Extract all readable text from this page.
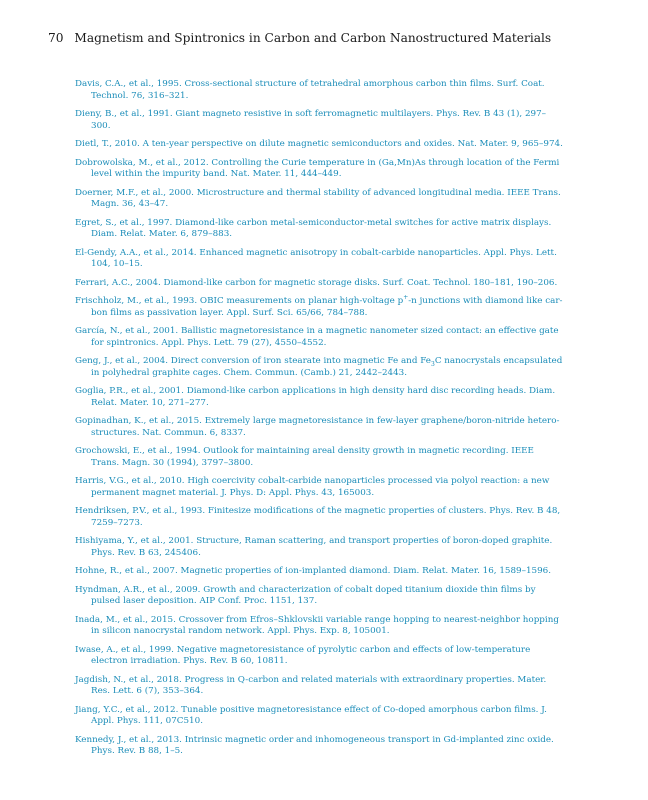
70 Magnetism and Spintronics in Carbon and Carbon Nanostructured Materials
Davis, C.A., et al., 1995. Cross-sectional structure of tetrahedral amorphous carbon thin films. Surf. Coat. Technol. 76, 316–321.
Dieny, B., et al., 1991. Giant magneto resistive in soft ferromagnetic multilayers. Phys. Rev. B 43 (1), 297–300.
Dietl, T., 2010. A ten-year perspective on dilute magnetic semiconductors and oxides. Nat. Mater. 9, 965–974.
Dobrowolska, M., et al., 2012. Controlling the Curie temperature in (Ga,Mn)As through location of the Fermi level within the impurity band. Nat. Mater. 11, 444–449.
Doerner, M.F., et al., 2000. Microstructure and thermal stability of advanced longitudinal media. IEEE Trans. Magn. 36, 43–47.
Egret, S., et al., 1997. Diamond-like carbon metal-semiconductor-metal switches for active matrix displays. Diam. Relat. Mater. 6, 879–883.
El-Gendy, A.A., et al., 2014. Enhanced magnetic anisotropy in cobalt-carbide nanoparticles. Appl. Phys. Lett. 104, 10–15.
Ferrari, A.C., 2004. Diamond-like carbon for magnetic storage disks. Surf. Coat. Technol. 180–181, 190–206.
Frischholz, M., et al., 1993. OBIC measurements on planar high-voltage p+-n junctions with diamond like car-bon films as passivation layer. Appl. Surf. Sci. 65/66, 784–788.
García, N., et al., 2001. Ballistic magnetoresistance in a magnetic nanometer sized contact: an effective gate for spintronics. Appl. Phys. Lett. 79 (27), 4550–4552.
Geng, J., et al., 2004. Direct conversion of iron stearate into magnetic Fe and $Fe_3C$ nanocrystals encapsulated in polyhedral graphite cages. Chem. Commun. (Camb.) 21, 2442–2443.
Goglia, P.R., et al., 2001. Diamond-like carbon applications in high density hard disc recording heads. Diam. Relat. Mater. 10, 271–277.
Gopinadhan, K., et al., 2015. Extremely large magnetoresistance in few-layer graphene/boron-nitride hetero-structures. Nat. Commun. 6, 8337.
Grochowski, E., et al., 1994. Outlook for maintaining areal density growth in magnetic recording. IEEE Trans. Magn. 30 (1994), 3797–3800.
Harris, V.G., et al., 2010. High coercivity cobalt-carbide nanoparticles processed via polyol reaction: a new permanent magnet material. J. Phys. D: Appl. Phys. 43, 165003.
Hendriksen, P.V., et al., 1993. Finitesize modifications of the magnetic properties of clusters. Phys. Rev. B 48, 7259–7273.
Hishiyama, Y., et al., 2001. Structure, Raman scattering, and transport properties of boron-doped graphite. Phys. Rev. B 63, 245406.
Hohne, R., et al., 2007. Magnetic properties of ion-implanted diamond. Diam. Relat. Mater. 16, 1589–1596.
Hyndman, A.R., et al., 2009. Growth and characterization of cobalt doped titanium dioxide thin films by pulsed laser deposition. AIP Conf. Proc. 1151, 137.
Inada, M., et al., 2015. Crossover from Efros–Shklovskii variable range hopping to nearest-neighbor hopping in silicon nanocrystal random network. Appl. Phys. Exp. 8, 105001.
Iwase, A., et al., 1999. Negative magnetoresistance of pyrolytic carbon and effects of low-temperature electron irradiation. Phys. Rev. B 60, 10811.
Jagdish, N., et al., 2018. Progress in Q-carbon and related materials with extraordinary properties. Mater. Res. Lett. 6 (7), 353–364.
Jiang, Y.C., et al., 2012. Tunable positive magnetoresistance effect of Co-doped amorphous carbon films. J. Appl. Phys. 111, 07C510.
Kennedy, J., et al., 2013. Intrinsic magnetic order and inhomogeneous transport in Gd-implanted zinc oxide. Phys. Rev. B 88, 1–5.
